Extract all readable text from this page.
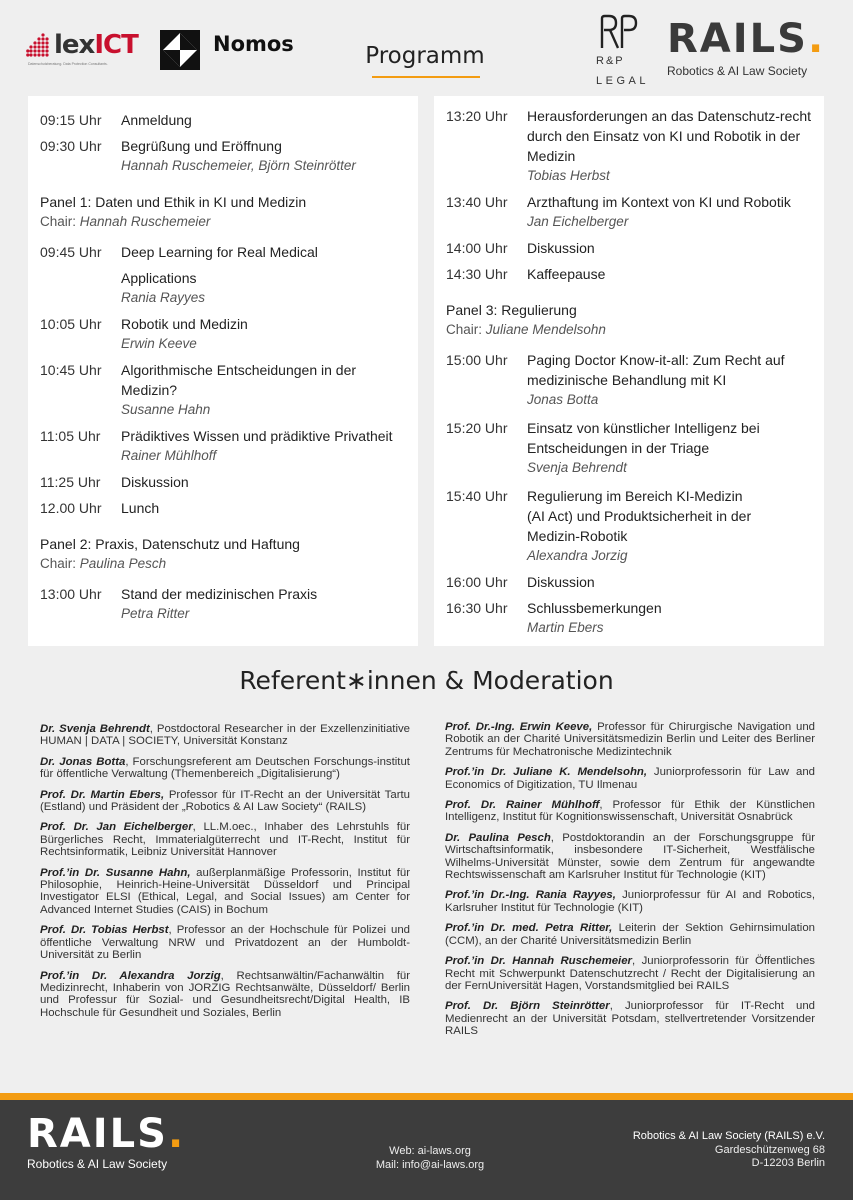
lexICT
Datenschutzberatung. Data Protection Consultants.
Nomos	Programm	R&P
LEGAL
RAILS.
Robotics & AI Law Society
09:15 Uhr	Anmeldung
09:30 Uhr	Begrüßung und Eröffnung
Hannah Ruschemeier, Björn Steinrötter
Panel 1: Daten und Ethik in KI und Medizin
Chair: Hannah Ruschemeier
09:45 Uhr	Deep Learning for Real Medical
Applications
Rania Rayyes
10:05 Uhr	Robotik und Medizin
Erwin Keeve
10:45 Uhr	Algorithmische Entscheidungen in der Medizin?
Susanne Hahn
11:05 Uhr	Prädiktives Wissen und prädiktive Privatheit
Rainer Mühlhoff
11:25 Uhr	Diskussion
12.00 Uhr	Lunch
Panel 2: Praxis, Datenschutz und Haftung
Chair: Paulina Pesch
13:00 Uhr	Stand der medizinischen Praxis
Petra Ritter
13:20 Uhr	Herausforderungen an das Datenschutz-recht durch den Einsatz von KI und Robotik in der Medizin
Tobias Herbst
13:40 Uhr	Arzthaftung im Kontext von KI und Robotik
Jan Eichelberger
14:00 Uhr	Diskussion
14:30 Uhr	Kaffeepause
Panel 3: Regulierung
Chair: Juliane Mendelsohn
15:00 Uhr	Paging Doctor Know-it-all: Zum Recht auf medizinische Behandlung mit KI
Jonas Botta
15:20 Uhr	Einsatz von künstlicher Intelligenz bei Entscheidungen in der Triage
Svenja Behrendt
15:40 Uhr	Regulierung im Bereich KI-Medizin (AI Act) und Produktsicherheit in der Medizin-Robotik
Alexandra Jorzig
16:00 Uhr	Diskussion
16:30 Uhr	Schlussbemerkungen
Martin Ebers
Referent∗innen & Moderation

Dr. Svenja Behrendt, Postdoctoral Researcher in der Exzellenzinitiative HUMAN | DATA | SOCIETY, Universität Konstanz

Dr. Jonas Botta, Forschungsreferent am Deutschen Forschungs-institut für öffentliche Verwaltung (Themenbereich „Digitalisierung“)

Prof. Dr. Martin Ebers, Professor für IT-Recht an der Universität Tartu (Estland) und Präsident der „Robotics & AI Law Society“ (RAILS)

Prof. Dr. Jan Eichelberger, LL.M.oec., Inhaber des Lehrstuhls für Bürgerliches Recht, Immaterialgüterrecht und IT-Recht, Institut für Rechtsinformatik, Leibniz Universität Hannover

Prof.’in Dr. Susanne Hahn, außerplanmäßige Professorin, Institut für Philosophie, Heinrich-Heine-Universität Düsseldorf und Principal Investigator ELSI (Ethical, Legal, and Social Issues) am Center for Advanced Internet Studies (CAIS) in Bochum

Prof. Dr. Tobias Herbst, Professor an der Hochschule für Polizei und öffentliche Verwaltung NRW und Privatdozent an der Humboldt-Universität zu Berlin

Prof.’in Dr. Alexandra Jorzig, Rechtsanwältin/Fachanwältin für Medizinrecht, Inhaberin von JORZIG Rechtsanwälte, Düsseldorf/ Berlin und Professur für Sozial- und Gesundheitsrecht/Digital Health, IB Hochschule für Gesundheit und Soziales, Berlin

Prof. Dr.-Ing. Erwin Keeve, Professor für Chirurgische Navigation und Robotik an der Charité Universitätsmedizin Berlin und Leiter des Berliner Zentrums für Mechatronische Medizintechnik

Prof.’in Dr. Juliane K. Mendelsohn, Juniorprofessorin für Law and Economics of Digitization, TU Ilmenau

Prof. Dr. Rainer Mühlhoff, Professor für Ethik der Künstlichen Intelligenz, Institut für Kognitionswissenschaft, Universität Osnabrück

Dr. Paulina Pesch, Postdoktorandin an der Forschungsgruppe für Wirtschaftsinformatik, insbesondere IT-Sicherheit, Westfälische Wilhelms-Universität Münster, sowie dem Zentrum für angewandte Rechtswissenschaft am Karlsruher Institut für Technologie (KIT)

Prof.’in Dr.-Ing. Rania Rayyes, Juniorprofessur für AI and Robotics, Karlsruher Institut für Technologie (KIT)

Prof.’in Dr. med. Petra Ritter, Leiterin der Sektion Gehirnsimulation (CCM), an der Charité Universitätsmedizin Berlin

Prof.’in Dr. Hannah Ruschemeier, Juniorprofessorin für Öffentliches Recht mit Schwerpunkt Datenschutzrecht / Recht der Digitalisierung an der FernUniversität Hagen, Vorstandsmitglied bei RAILS

Prof. Dr. Björn Steinrötter, Juniorprofessor für IT-Recht und Medienrecht an der Universität Potsdam, stellvertretender Vorsitzender RAILS

RAILS.
Robotics & AI Law Society
Web: ai-laws.org
Mail: info@ai-laws.org
Robotics & AI Law Society (RAILS) e.V.
Gardeschützenweg 68
D-12203 Berlin
